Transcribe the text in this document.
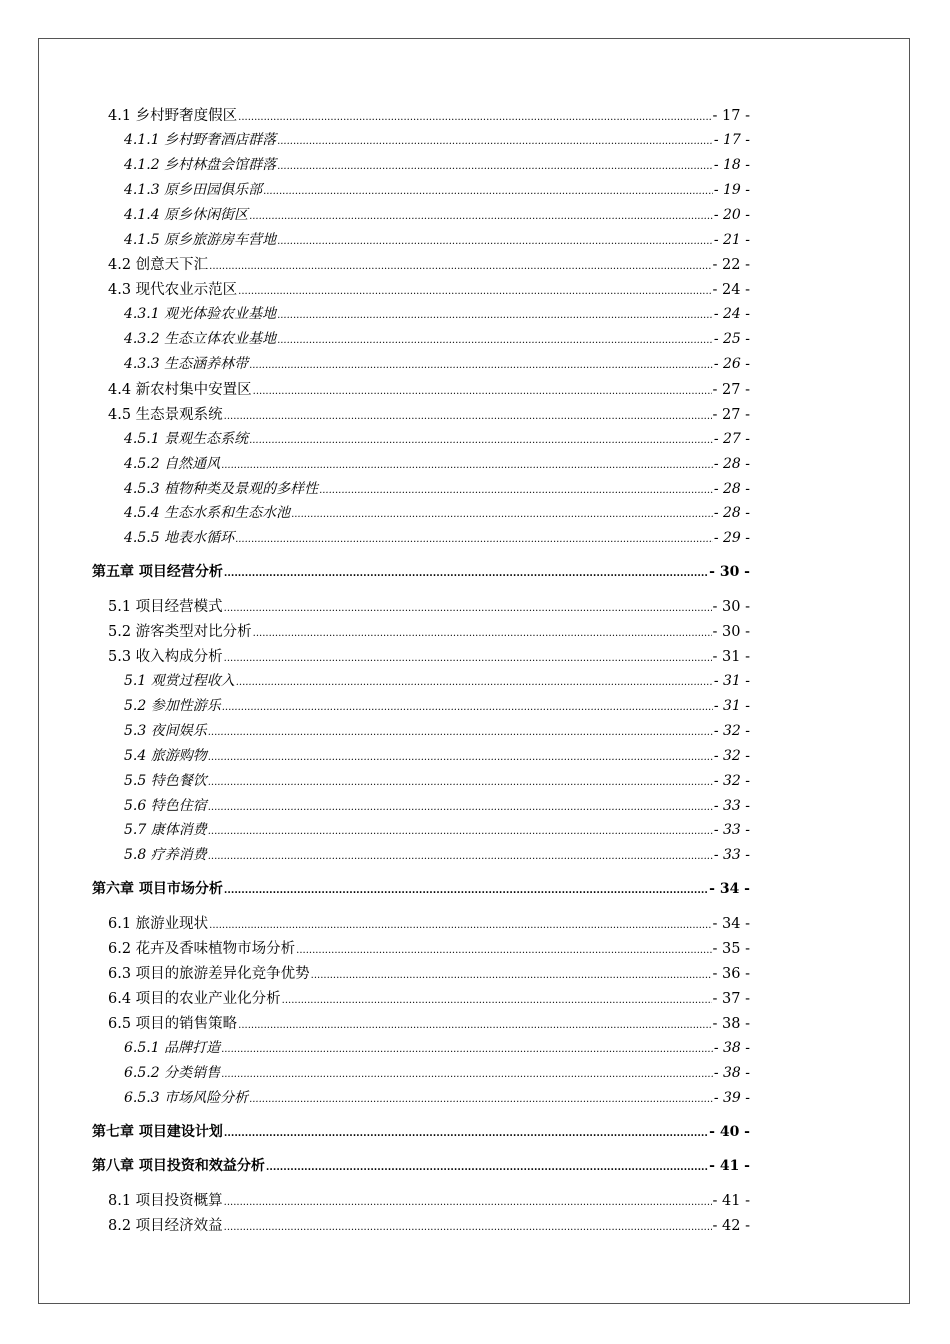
4.1 乡村野奢度假区 .....	- 17 -
4.1.1 乡村野奢酒店群落 .....	- 17 -
4.1.2 乡村林盘会馆群落 .....	- 18 -
4.1.3 原乡田园俱乐部 .....	- 19 -
4.1.4 原乡休闲街区 .....	- 20 -
4.1.5 原乡旅游房车营地 .....	- 21 -
4.2 创意天下汇 .....	- 22 -
4.3 现代农业示范区 .....	- 24 -
4.3.1 观光体验农业基地 .....	- 24 -
4.3.2 生态立体农业基地 .....	- 25 -
4.3.3 生态涵养林带 .....	- 26 -
4.4 新农村集中安置区 .....	- 27 -
4.5 生态景观系统 .....	- 27 -
4.5.1 景观生态系统 .....	- 27 -
4.5.2 自然通风 .....	- 28 -
4.5.3 植物种类及景观的多样性 .....	- 28 -
4.5.4 生态水系和生态水池 .....	- 28 -
4.5.5 地表水循环 .....	- 29 -
第五章 项目经营分析 .....	- 30 -
5.1 项目经营模式 .....	- 30 -
5.2 游客类型对比分析 .....	- 30 -
5.3 收入构成分析 .....	- 31 -
5.1 观赏过程收入 .....	- 31 -
5.2 参加性游乐 .....	- 31 -
5.3 夜间娱乐 .....	- 32 -
5.4 旅游购物 .....	- 32 -
5.5 特色餐饮 .....	- 32 -
5.6 特色住宿 .....	- 33 -
5.7 康体消费 .....	- 33 -
5.8 疗养消费 .....	- 33 -
第六章 项目市场分析 .....	- 34 -
6.1 旅游业现状 .....	- 34 -
6.2 花卉及香味植物市场分析 .....	- 35 -
6.3 项目的旅游差异化竞争优势 .....	- 36 -
6.4 项目的农业产业化分析 .....	- 37 -
6.5 项目的销售策略 .....	- 38 -
6.5.1 品牌打造 .....	- 38 -
6.5.2 分类销售 .....	- 38 -
6.5.3 市场风险分析 .....	- 39 -
第七章 项目建设计划 .....	- 40 -
第八章 项目投资和效益分析 .....	- 41 -
8.1 项目投资概算 .....	- 41 -
8.2 项目经济效益 .....	- 42 -
